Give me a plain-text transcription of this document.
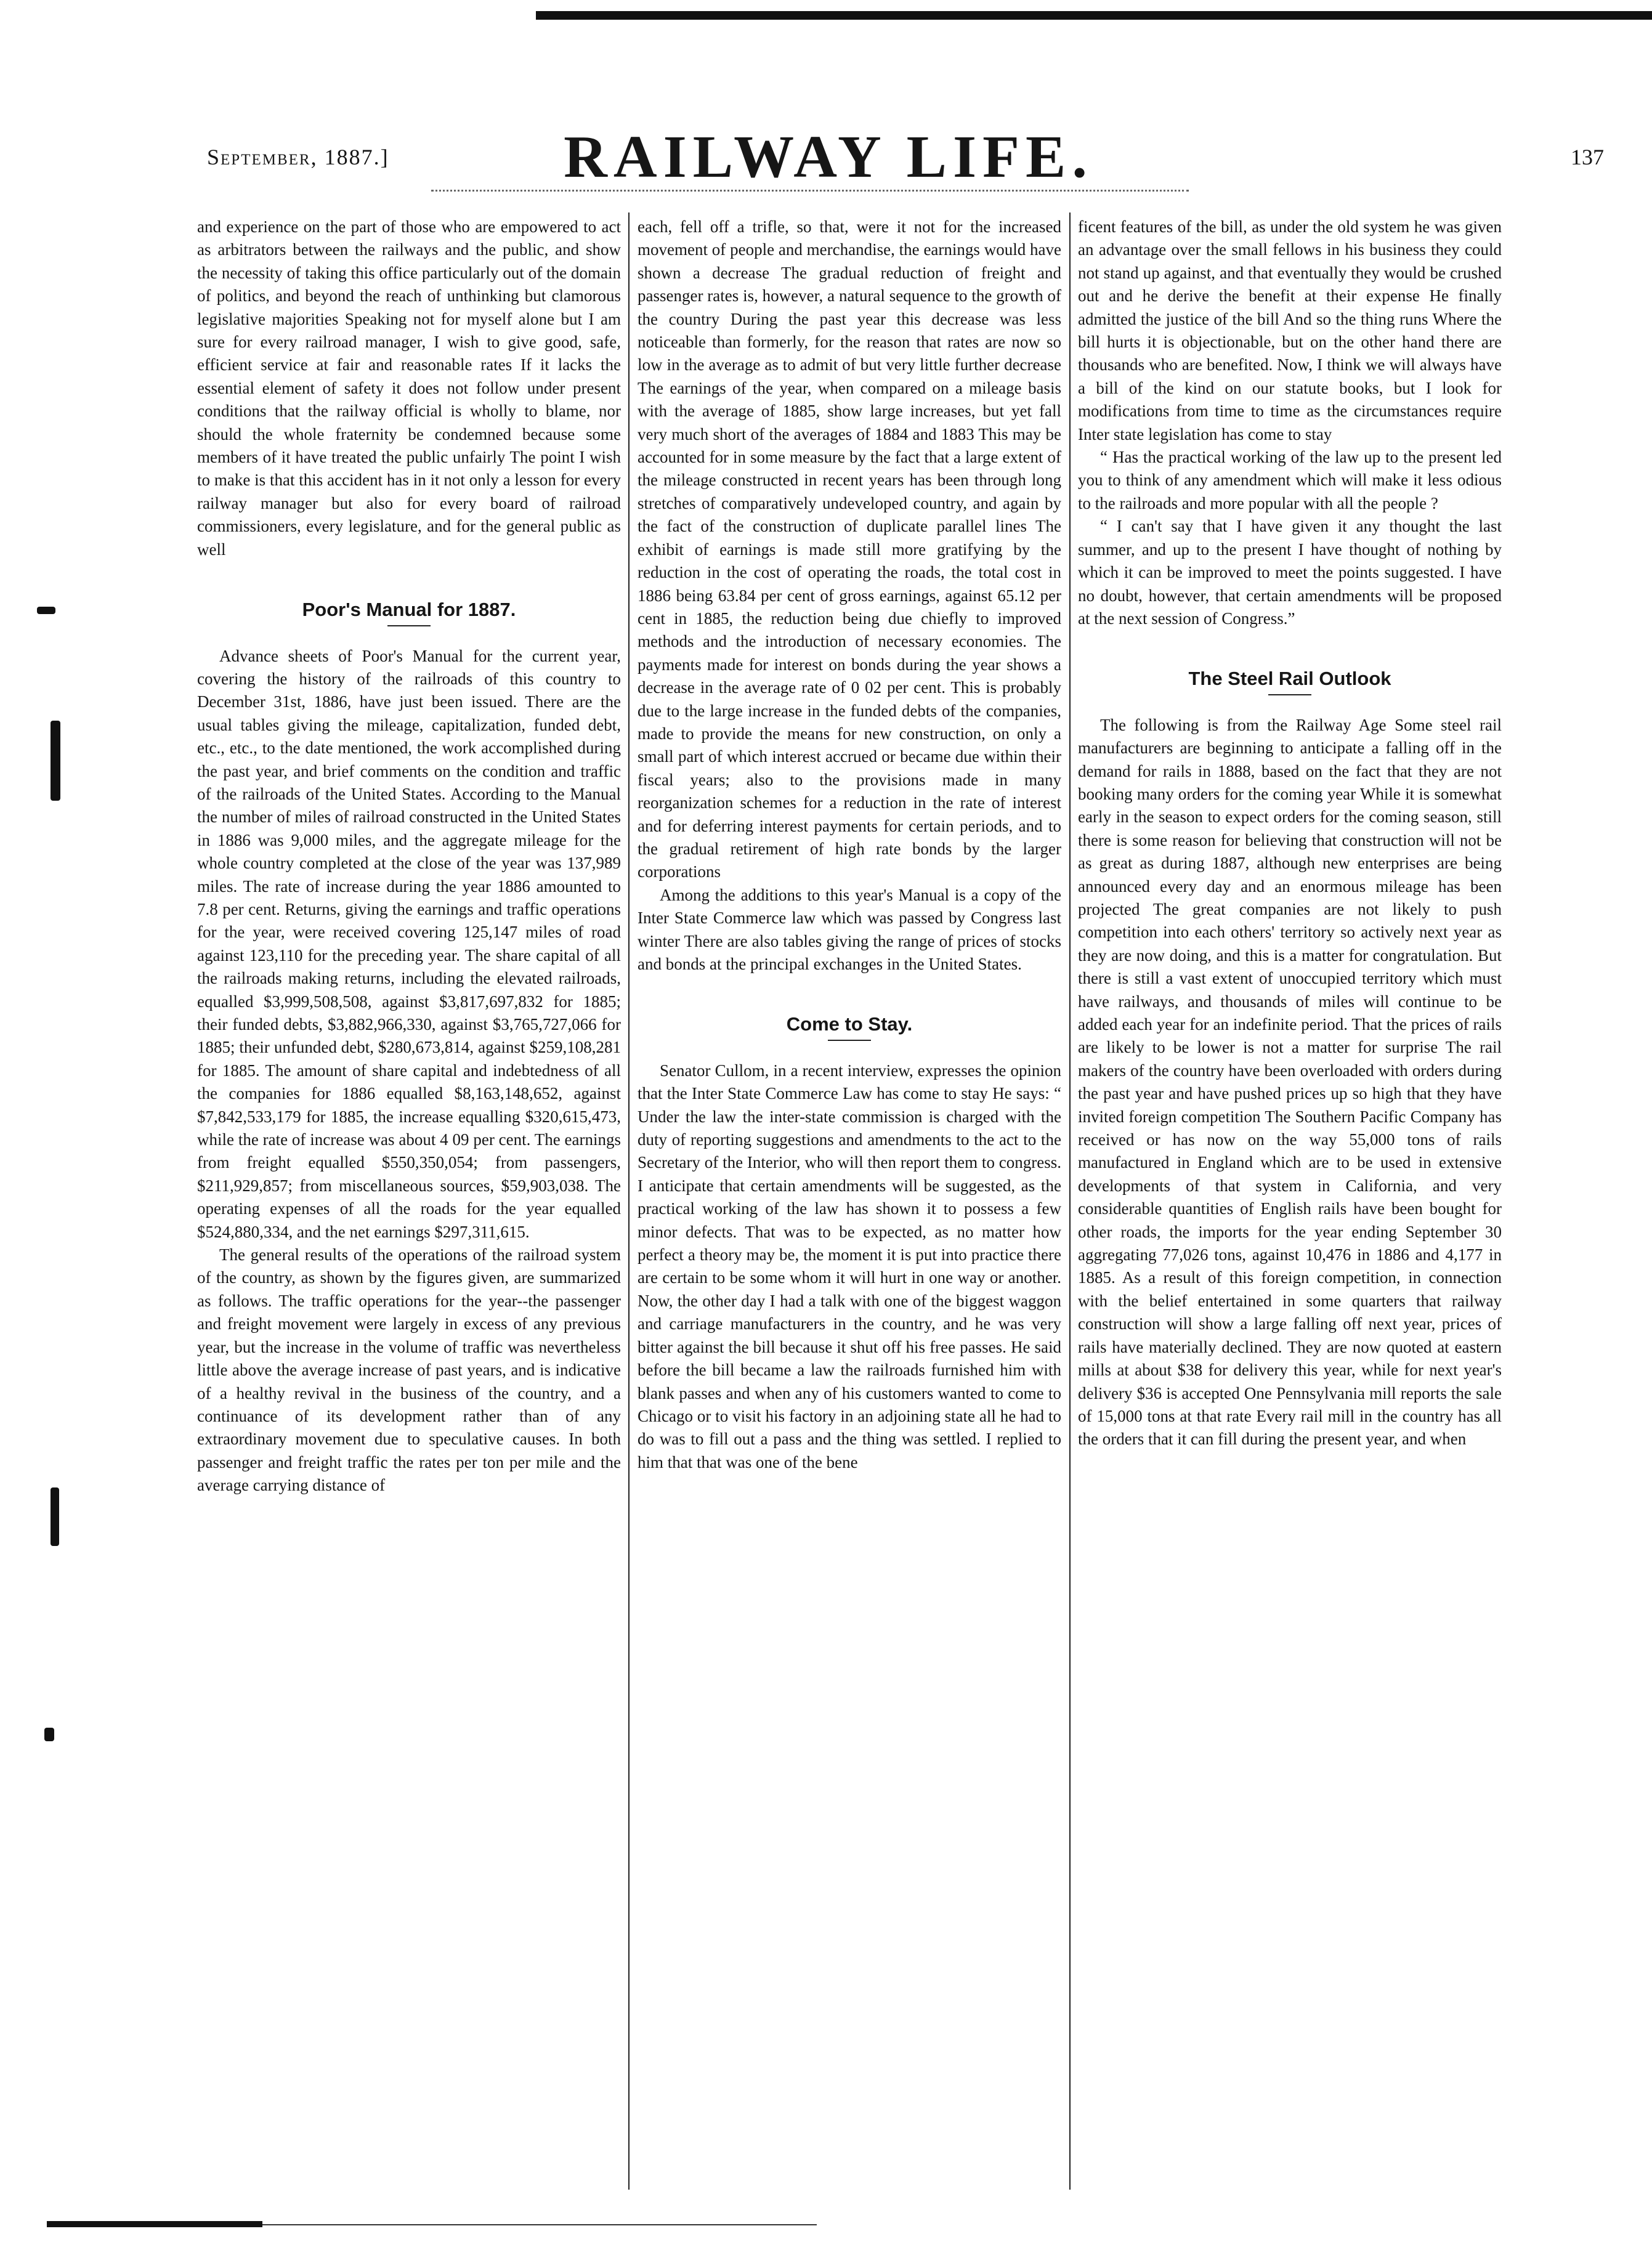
September, 1887.]	RAILWAY LIFE.	137

and experience on the part of those who are empowered to act as arbitrators between the railways and the public, and show the necessity of taking this office particularly out of the domain of politics, and beyond the reach of unthinking but clamorous legislative majorities Speaking not for myself alone but I am sure for every railroad manager, I wish to give good, safe, efficient service at fair and reasonable rates If it lacks the essential element of safety it does not follow under present conditions that the railway official is wholly to blame, nor should the whole fraternity be condemned because some members of it have treated the public unfairly The point I wish to make is that this accident has in it not only a lesson for every railway manager but also for every board of railroad commissioners, every legislature, and for the general public as well

Poor's Manual for 1887.

Advance sheets of Poor's Manual for the current year, covering the history of the railroads of this country to December 31st, 1886, have just been issued. There are the usual tables giving the mileage, capitalization, funded debt, etc., etc., to the date mentioned, the work accomplished during the past year, and brief comments on the condition and traffic of the railroads of the United States. According to the Manual the number of miles of railroad constructed in the United States in 1886 was 9,000 miles, and the aggregate mileage for the whole country completed at the close of the year was 137,989 miles. The rate of increase during the year 1886 amounted to 7.8 per cent. Returns, giving the earnings and traffic operations for the year, were received covering 125,147 miles of road against 123,110 for the preceding year. The share capital of all the railroads making returns, including the elevated railroads, equalled $3,999,508,508, against $3,817,697,832 for 1885; their funded debts, $3,882,966,330, against $3,765,727,066 for 1885; their unfunded debt, $280,673,814, against $259,108,281 for 1885. The amount of share capital and indebtedness of all the companies for 1886 equalled $8,163,148,652, against $7,842,533,179 for 1885, the increase equalling $320,615,473, while the rate of increase was about 4 09 per cent. The earnings from freight equalled $550,350,054; from passengers, $211,929,857; from miscellaneous sources, $59,903,038. The operating expenses of all the roads for the year equalled $524,880,334, and the net earnings $297,311,615.

The general results of the operations of the railroad system of the country, as shown by the figures given, are summarized as follows. The traffic operations for the year--the passenger and freight movement were largely in excess of any previous year, but the increase in the volume of traffic was nevertheless little above the average increase of past years, and is indicative of a healthy revival in the business of the country, and a continuance of its development rather than of any extraordinary movement due to speculative causes. In both passenger and freight traffic the rates per ton per mile and the average carrying distance of

each, fell off a trifle, so that, were it not for the increased movement of people and merchandise, the earnings would have shown a decrease The gradual reduction of freight and passenger rates is, however, a natural sequence to the growth of the country During the past year this decrease was less noticeable than formerly, for the reason that rates are now so low in the average as to admit of but very little further decrease The earnings of the year, when compared on a mileage basis with the average of 1885, show large increases, but yet fall very much short of the averages of 1884 and 1883 This may be accounted for in some measure by the fact that a large extent of the mileage constructed in recent years has been through long stretches of comparatively undeveloped country, and again by the fact of the construction of duplicate parallel lines The exhibit of earnings is made still more gratifying by the reduction in the cost of operating the roads, the total cost in 1886 being 63.84 per cent of gross earnings, against 65.12 per cent in 1885, the reduction being due chiefly to improved methods and the introduction of necessary economies. The payments made for interest on bonds during the year shows a decrease in the average rate of 0 02 per cent. This is probably due to the large increase in the funded debts of the companies, made to provide the means for new construction, on only a small part of which interest accrued or became due within their fiscal years; also to the provisions made in many reorganization schemes for a reduction in the rate of interest and for deferring interest payments for certain periods, and to the gradual retirement of high rate bonds by the larger corporations

Among the additions to this year's Manual is a copy of the Inter State Commerce law which was passed by Congress last winter There are also tables giving the range of prices of stocks and bonds at the principal exchanges in the United States.

Come to Stay.

Senator Cullom, in a recent interview, expresses the opinion that the Inter State Commerce Law has come to stay He says: “ Under the law the inter-state commission is charged with the duty of reporting suggestions and amendments to the act to the Secretary of the Interior, who will then report them to congress. I anticipate that certain amendments will be suggested, as the practical working of the law has shown it to possess a few minor defects. That was to be expected, as no matter how perfect a theory may be, the moment it is put into practice there are certain to be some whom it will hurt in one way or another. Now, the other day I had a talk with one of the biggest waggon and carriage manufacturers in the country, and he was very bitter against the bill because it shut off his free passes. He said before the bill became a law the railroads furnished him with blank passes and when any of his customers wanted to come to Chicago or to visit his factory in an adjoining state all he had to do was to fill out a pass and the thing was settled. I replied to him that that was one of the bene

ficent features of the bill, as under the old system he was given an advantage over the small fellows in his business they could not stand up against, and that eventually they would be crushed out and he derive the benefit at their expense He finally admitted the justice of the bill And so the thing runs Where the bill hurts it is objectionable, but on the other hand there are thousands who are benefited. Now, I think we will always have a bill of the kind on our statute books, but I look for modifications from time to time as the circumstances require Inter state legislation has come to stay

“ Has the practical working of the law up to the present led you to think of any amendment which will make it less odious to the railroads and more popular with all the people ?

“ I can't say that I have given it any thought the last summer, and up to the present I have thought of nothing by which it can be improved to meet the points suggested. I have no doubt, however, that certain amendments will be proposed at the next session of Congress.”

The Steel Rail Outlook

The following is from the Railway Age Some steel rail manufacturers are beginning to anticipate a falling off in the demand for rails in 1888, based on the fact that they are not booking many orders for the coming year While it is somewhat early in the season to expect orders for the coming season, still there is some reason for believing that construction will not be as great as during 1887, although new enterprises are being announced every day and an enormous mileage has been projected The great companies are not likely to push competition into each others' territory so actively next year as they are now doing, and this is a matter for congratulation. But there is still a vast extent of unoccupied territory which must have railways, and thousands of miles will continue to be added each year for an indefinite period. That the prices of rails are likely to be lower is not a matter for surprise The rail makers of the country have been overloaded with orders during the past year and have pushed prices up so high that they have invited foreign competition The Southern Pacific Company has received or has now on the way 55,000 tons of rails manufactured in England which are to be used in extensive developments of that system in California, and very considerable quantities of English rails have been bought for other roads, the imports for the year ending September 30 aggregating 77,026 tons, against 10,476 in 1886 and 4,177 in 1885. As a result of this foreign competition, in connection with the belief entertained in some quarters that railway construction will show a large falling off next year, prices of rails have materially declined. They are now quoted at eastern mills at about $38 for delivery this year, while for next year's delivery $36 is accepted One Pennsylvania mill reports the sale of 15,000 tons at that rate Every rail mill in the country has all the orders that it can fill during the present year, and when
